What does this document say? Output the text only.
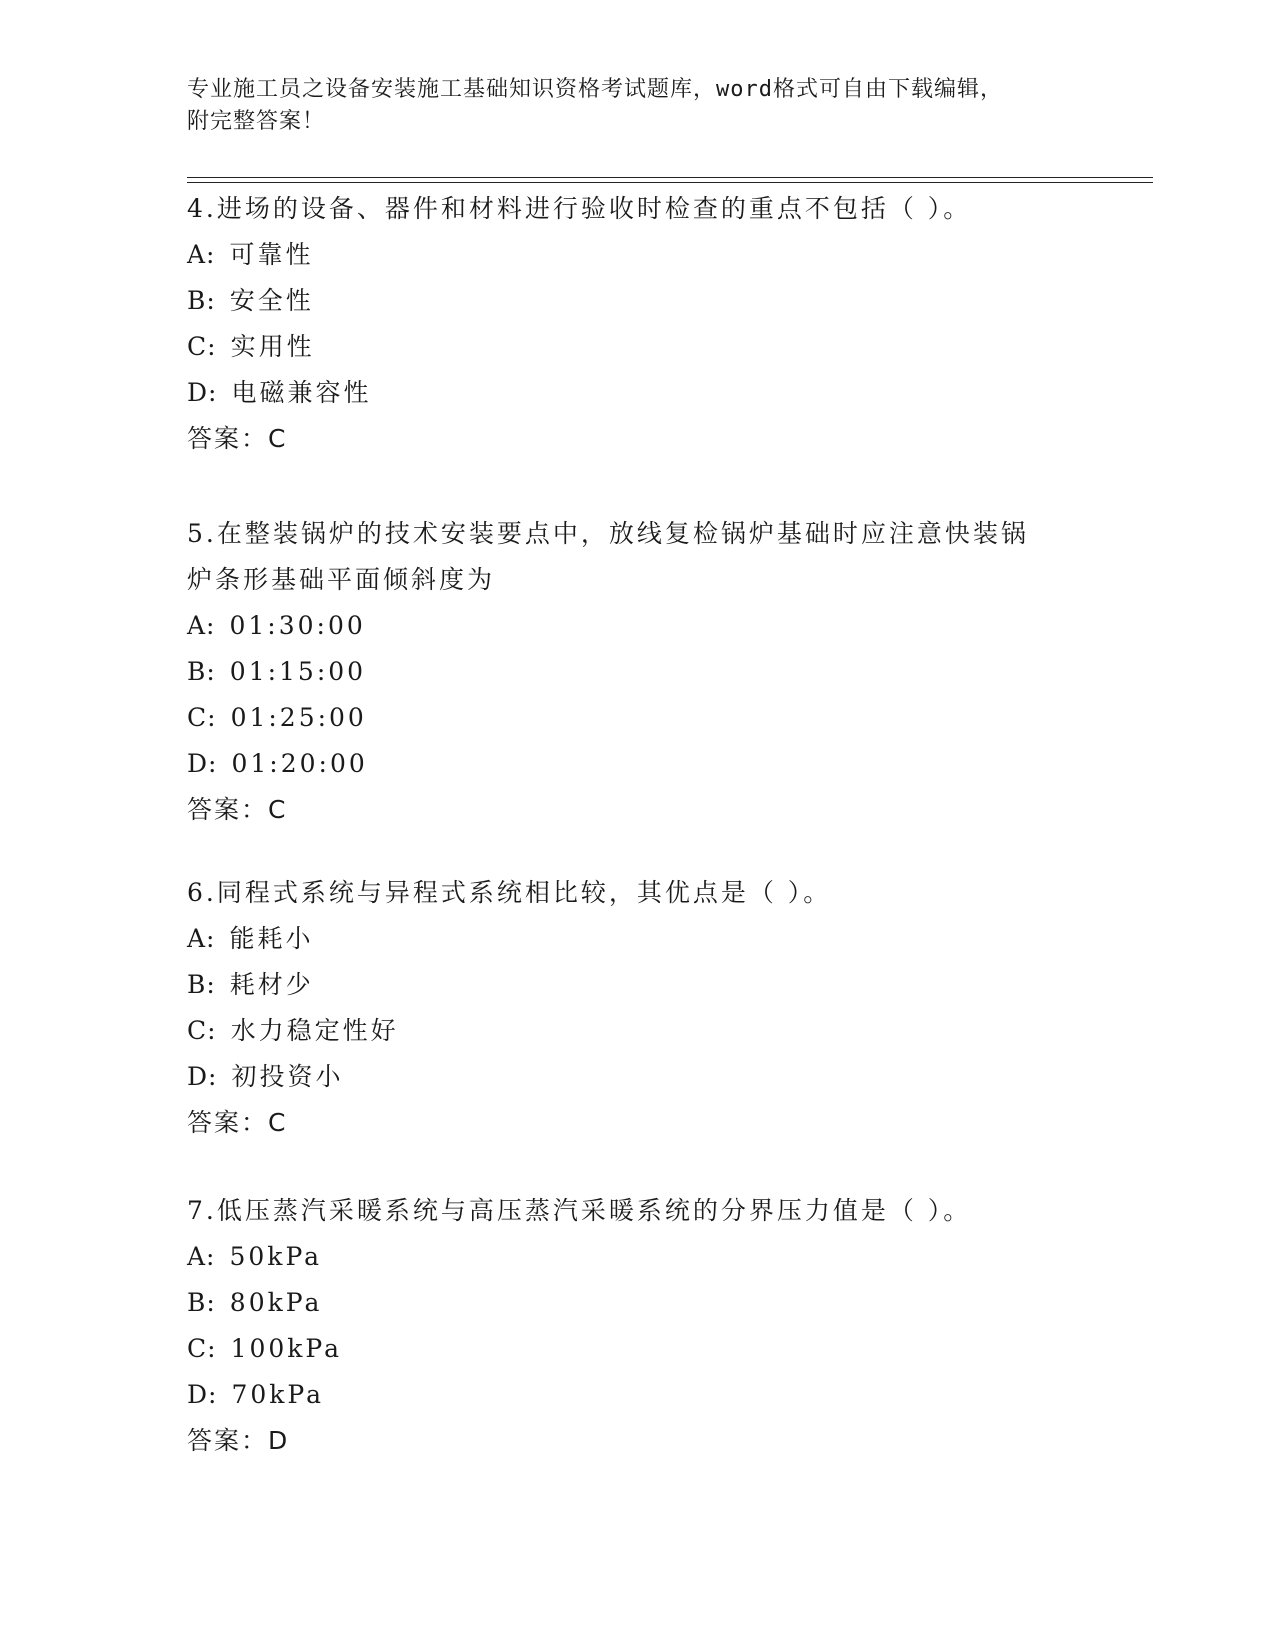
专业施工员之设备安装施工基础知识资格考试题库，word格式可自由下载编辑，
附完整答案！
4.进场的设备、器件和材料进行验收时检查的重点不包括（ ）。
A: 可靠性
B: 安全性
C: 实用性
D: 电磁兼容性
答案：C
5.在整装锅炉的技术安装要点中，放线复检锅炉基础时应注意快装锅
炉条形基础平面倾斜度为
A: 01:30:00
B: 01:15:00
C: 01:25:00
D: 01:20:00
答案：C
6.同程式系统与异程式系统相比较，其优点是（ ）。
A: 能耗小
B: 耗材少
C: 水力稳定性好
D: 初投资小
答案：C
7.低压蒸汽采暖系统与高压蒸汽采暖系统的分界压力值是（ ）。
A: 50kPa
B: 80kPa
C: 100kPa
D: 70kPa
答案：D
